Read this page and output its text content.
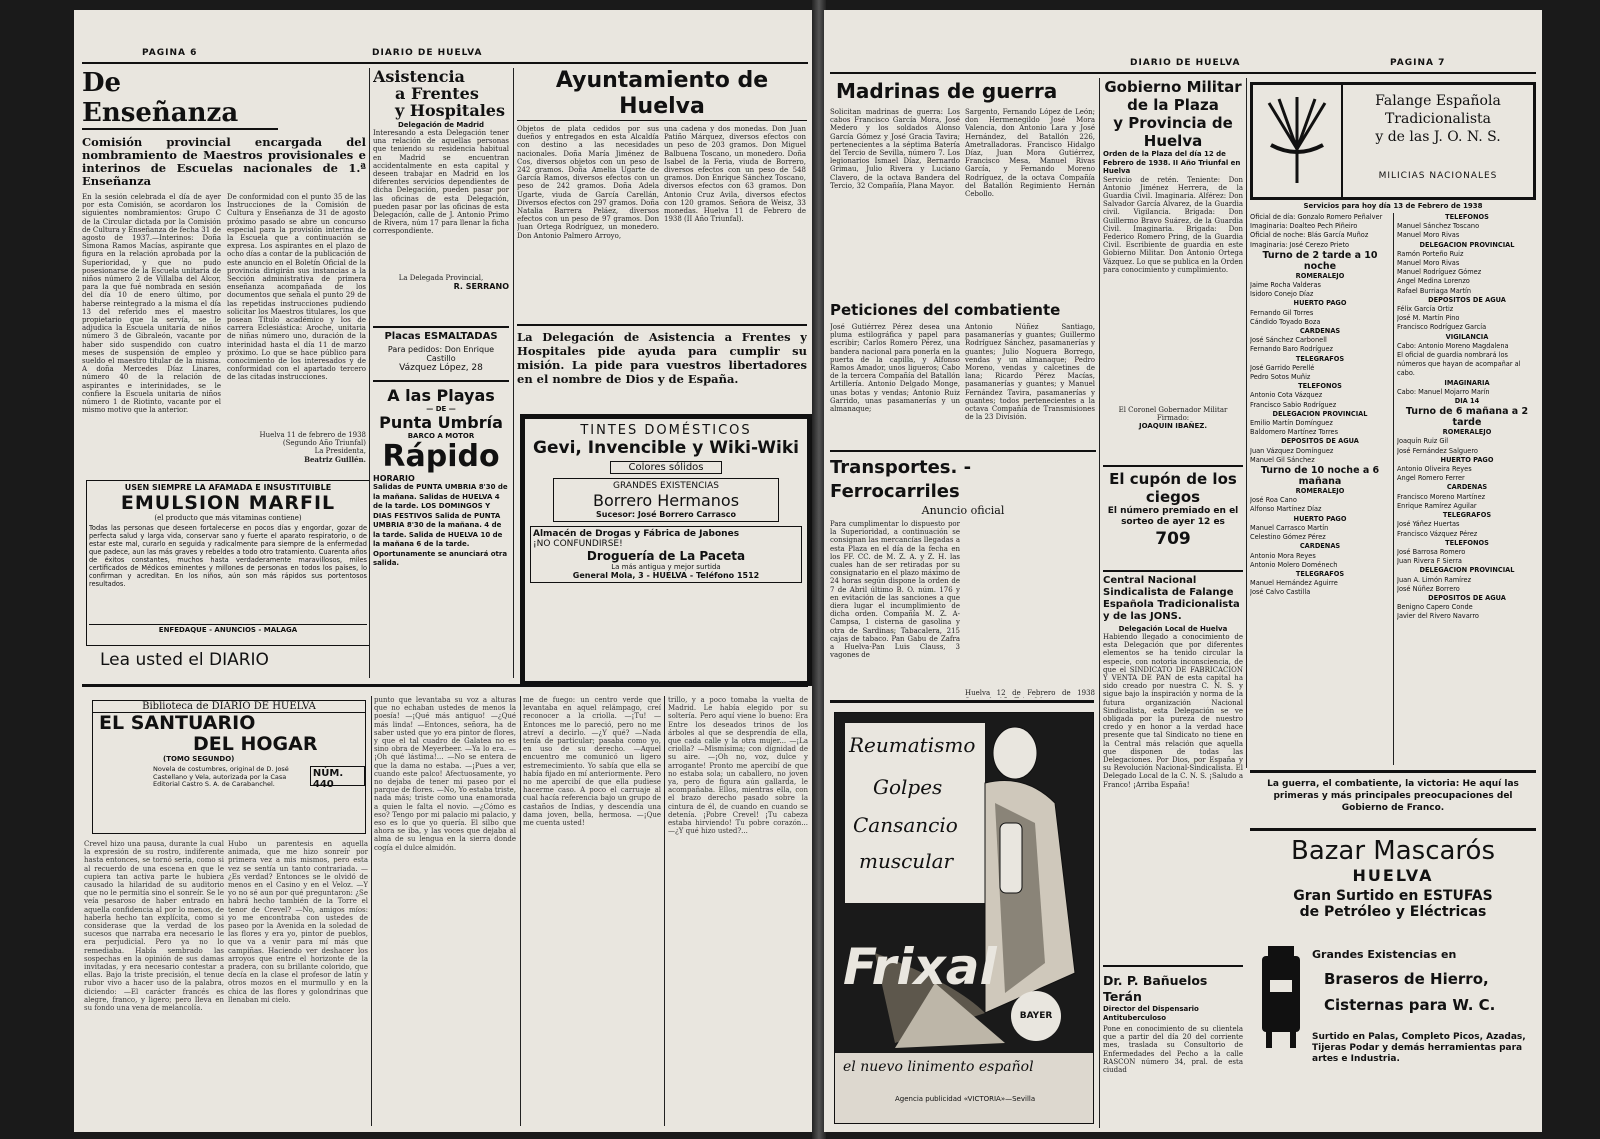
PAGINA 6	DIARIO DE HUELVA
De Enseñanza
Comisión provincial encargada del nombramiento de Maestros provisionales e interinos de Escuelas nacionales de 1.ª Enseñanza
En la sesión celebrada el día de ayer por esta Comisión, se acordaron los siguientes nombramientos: Grupo C de la Circular dictada por la Comisión de Cultura y Enseñanza de fecha 31 de agosto de 1937.—Interinos: Doña Simona Ramos Macías, aspirante que figura en la relación aprobada por la Superioridad, y que no pudo posesionarse de la Escuela unitaria de niños número 2 de Villalba del Alcor, para la que fué nombrada en sesión del día 10 de enero último, por haberse reintegrado a la misma el día 13 del referido mes el maestro propietario que la servía, se le adjudica la Escuela unitaria de niños número 3 de Gibraleón, vacante por haber sido suspendido con cuatro meses de suspensión de empleo y sueldo el maestro titular de la misma. A doña Mercedes Díaz Linares, número 40 de la relación de aspirantes e interinidades, se le confiere la Escuela unitaria de niños número 1 de Riotinto, vacante por el mismo motivo que la anterior.
De conformidad con el punto 35 de las Instrucciones de la Comisión de Cultura y Enseñanza de 31 de agosto próximo pasado se abre un concurso especial para la provisión interina de la Escuela que a continuación se expresa. Los aspirantes en el plazo de ocho días a contar de la publicación de este anuncio en el Boletín Oficial de la provincia dirigirán sus instancias a la Sección administrativa de primera enseñanza acompañada de los documentos que señala el punto 29 de las repetidas instrucciones pudiendo solicitar los Maestros titulares, los que posean Título académico y los de carrera Eclesiástica: Aroche, unitaria de niñas número uno, duración de la interinidad hasta el día 11 de marzo próximo. Lo que se hace público para conocimiento de los interesados y de conformidad con el apartado tercero de las citadas instrucciones.
Huelva 11 de febrero de 1938 (Segundo Año Triunfal)
La Presidenta,
Beatriz Guillén.
USEN SIEMPRE LA AFAMADA E INSUSTITUIBLE
EMULSION MARFIL
(el producto que más vitaminas contiene)
Todas las personas que deseen fortalecerse en pocos días y engordar, gozar de perfecta salud y larga vida, conservar sano y fuerte el aparato respiratorio, o de estar este mal, curarlo en seguida y radicalmente para siempre de la enfermedad que padece, aun las más graves y rebeldes a todo otro tratamiento. Cuarenta años de éxitos constantes, muchos hasta verdaderamente maravillosos, miles certificados de Médicos eminentes y millones de personas en todos los países, lo confirman y acreditan. En los niños, aún son más rápidos sus portentosos resultados.
ENFEDAQUE - ANUNCIOS - MALAGA
Lea usted el DIARIO
Asistencia
a Frentes
y Hospitales
Delegación de Madrid
Interesando a esta Delegación tener una relación de aquellas personas que teniendo su residencia habitual en Madrid se encuentran accidentalmente en esta capital y deseen trabajar en Madrid en los diferentes servicios dependientes de dicha Delegación, pueden pasar por las oficinas de esta Delegación, pueden pasar por las oficinas de esta Delegación, calle de J. Antonio Primo de Rivera, núm 17 para llenar la ficha correspondiente.
La Delegada Provincial,
R. SERRANO
Placas ESMALTADAS
Para pedidos: Don Enrique Castillo
Vázquez López, 28
A las Playas
— DE —
Punta Umbría
BARCO A MOTOR
Rápido
HORARIO
Salidas de PUNTA UMBRIA 8'30 de la mañana. Salidas de HUELVA 4 de la tarde. LOS DOMINGOS Y DIAS FESTIVOS Salida de PUNTA UMBRIA 8'30 de la mañana. 4 de la tarde. Salida de HUELVA 10 de la mañana 6 de la tarde. Oportunamente se anunciará otra salida.
Ayuntamiento de Huelva
Objetos de plata cedidos por sus dueños y entregados en esta Alcaldía con destino a las necesidades nacionales. Doña María Jiménez de Cos, diversos objetos con un peso de 242 gramos. Doña Amelia Ugarte de García Ramos, diversos efectos con un peso de 242 gramos. Doña Adela Ugarte, viuda de García Carellán, Diversos efectos con 297 gramos. Doña Natalia Barrera Peláez, diversos efectos con un peso de 97 gramos. Don Juan Ortega Rodríguez, un monedero. Don Antonio Palmero Arroyo,
una cadena y dos monedas. Don Juan Patiño Márquez, diversos efectos con un peso de 203 gramos. Don Miguel Balbuena Toscano, un monedero. Doña Isabel de la Feria, viuda de Borrero, diversos efectos con un peso de 548 gramos. Don Enrique Sánchez Toscano, diversos efectos con 63 gramos. Don Antonio Cruz Avila, diversos efectos con 120 gramos. Señora de Weisz, 33 monedas. Huelva 11 de Febrero de 1938 (II Año Triunfal).
La Delegación de Asistencia a Frentes y Hospitales pide ayuda para cumplir su misión. La pide para vuestros libertadores en el nombre de Dios y de España.
TINTES DOMÉSTICOS
Gevi, Invencible y Wiki-Wiki
Colores sólidos
GRANDES EXISTENCIAS
Borrero Hermanos
Sucesor: José Borrero Carrasco
Almacén de Drogas y Fábrica de Jabones
¡NO CONFUNDIRSE!
Droguería de La Paceta
La más antigua y mejor surtida
General Mola, 3 - HUELVA - Teléfono 1512
Biblioteca de DIARIO DE HUELVA
EL SANTUARIO
DEL HOGAR
(TOMO SEGUNDO)
Novela de costumbres, original de D. José Castellano y Vela, autorizada por la Casa Editorial Castro S. A. de Carabanchel.
NÚM. 440
Crevel hizo una pausa, durante la cual la expresión de su rostro, indiferente hasta entonces, se tornó seria, como si al recuerdo de una escena en que le cupiera tan activa parte le hubiera causado la hilaridad de su auditorio que no le permitía sino el sonreír. Se le veía pesaroso de haber entrado en aquella confidencia al por lo menos, de haberla hecho tan explícita, como si considerase que la verdad de los sucesos que narraba era necesario le era perjudicial. Pero ya no lo remediaba. Había sembrado las sospechas en la opinión de sus damas invitadas, y era necesario contestar a ellas. Bajo la triste precisión, el tenue rubor vivo a hacer uso de la palabra, diciendo: —El carácter francés es alegre, franco, y ligero; pero lleva en su fondo una vena de melancolía.
Hubo un parentesis en aquella animada, que me hizo sonreír por primera vez a mis mismos, pero esta vez se sentía un tanto contrariada. —¿Es verdad? Entonces se le olvidó de menos en el Casino y en el Veloz. —Y yo no sé aun por qué preguntaron: ¿Se habrá hecho también de la Torre el tenor de Crevel? —No, amigos míos: yo me encontraba con ustedes de paseo por la Avenida en la soledad de las flores y era yo, pintor de pueblos, que va a venir para mí más que campiñas. Haciendo ver deshacer los arroyos que entre el horizonte de la pradera, con su brillante colorido, que decía en la clase el profesor de latín y otros mozos en el murmullo y en la chica de las flores y golondrinas que llenaban mi cielo.
punto que levantaba su voz a alturas que no echaban ustedes de menos la poesía! —¡Qué más antiguo! —¿Qué más linda! —Entonces, señora, ha de saber usted que yo era pintor de flores, y que el tal cuadro de Galatea no es sino obra de Meyerbeer. —Ya lo era. —¡Oh qué lástima!... —No se entera de que la dama no estaba. —¡Pues a ver, cuando este palco! Afectuosamente, yo no dejaba de tener mi paseo por el parque de flores. —No, Yo estaba triste, nada más; triste como una enamorada a quien le falta el novio. —¿Cómo es eso? Tengo por mi palacio mi palacio, y eso es lo que yo quería. El silbo que ahora se iba, y las voces que dejaba al alma de su lengua en la sierra donde cogía el dulce almidón.
me de fuego: un centro verde que levantaba en aquel relámpago, creí reconocer a la criolla. —¡Tu! —Entonces me lo pareció, pero no me atreví a decirlo. —¿Y qué? —Nada tenía de particular; pasaba como yo, en uso de su derecho. —Aquel encuentro me comunicó un ligero estremecimiento. Yo sabía que ella se había fijado en mí anteriormente. Pero no me apercibí de que ella pudiese hacerme caso. A poco el carruaje al cual hacía referencia bajo un grupo de castaños de Indias, y descendía una dama joven, bella, hermosa. —¡Que me cuenta usted!
trillo, y a poco tomaba la vuelta de Madrid. Le había elegido por su soltería. Pero aquí viene lo bueno: Era Entre los deseados trinos de los árboles al que se desprendía de ella, que cada calle y la otra mujer... —¡La criolla? —Mismísima; con dignidad de su aire. —¡Oh no, voz, dulce y arrogante! Pronto me apercibí de que no estaba sola; un caballero, no joven ya, pero de figura aún gallarda, le acompañaba. Ellos, mientras ella, con el brazo derecho pasado sobre la cintura de él, de cuando en cuando se detenía. ¡Pobre Crevel! ¡Tu cabeza estaba hirviendo! Tu pobre corazón... —¿Y qué hizo usted?...
DIARIO DE HUELVA	PAGINA 7
Madrinas de guerra
Solicitan madrinas de guerra: Los cabos Francisco García Mora, José Medero y los soldados Alonso García Gómez y José Gracia Tavira; pertenecientes a la séptima Batería del Tercio de Sevilla, número 7. Los legionarios Ismael Díaz, Bernardo Grimau, Julio Rivera y Luciano Clavero, de la octava Bandera del Tercio, 32 Compañía, Plana Mayor.
Sargento, Fernando López de León; don Hermenegildo José Mora Valencia, don Antonio Lara y José Hernández, del Batallón 226, Ametralladoras. Francisco Hidalgo Díaz, Juan Mora Gutiérrez, Francisco Mesa, Manuel Rivas García, y Fernando Moreno Rodríguez, de la octava Compañía del Batallón Regimiento Hernán Cebollo.
Peticiones del combatiente
José Gutiérrez Pérez desea una pluma estilográfica y papel para escribir; Carlos Romero Pérez, una bandera nacional para ponerla en la puerta de la capilla, y Alfonso Ramos Amador, unos ligueros; Cabo de la tercera Compañía del Batallón Artillería. Antonio Delgado Monge, unas botas y vendas; Antonio Ruiz Garrido, unas pasamanerías y un almanaque;
Antonio Núñez Santiago, pasamanerías y guantes; Guillermo Rodríguez Sánchez, pasamanerías y guantes; Julio Noguera Borrego, vendas y un almanaque; Pedro Moreno, vendas y calcetines de lana; Ricardo Pérez Macías, pasamanerías y guantes; y Manuel Fernández Tavira, pasamanerías y guantes; todos pertenecientes a la octava Compañía de Transmisiones de la 23 División.
Transportes. - Ferrocarriles
Anuncio oficial
Para cumplimentar lo dispuesto por la Superioridad, a continuación se consignan las mercancías llegadas a esta Plaza en el día de la fecha en los FF. CC. de M. Z. A. y Z. H. las cuales han de ser retiradas por su consignatario en el plazo máximo de 24 horas según dispone la orden de 7 de Abril último B. O. núm. 176 y en evitación de las sanciones a que diera lugar el incumplimiento de dicha orden. Compañía M. Z. A-Campsa, 1 cisterna de gasolina y otra de Sardinas; Tabacalera, 215 cajas de tabaco. Pan Gabu de Zafra a Huelva-Pan Luis Clauss, 3 vagones de
Huelva 12 de Febrero de 1938
Reumatismo
Golpes
Cansancio
muscular
Frixal
BAYER
el nuevo linimento español
Agencia publicidad «VICTORIA»—Sevilla
Gobierno Militar
de la Plaza
y Provincia de
Huelva
Orden de la Plaza del día 12 de Febrero de 1938. II Año Triunfal en Huelva
Servicio de retén. Teniente: Don Antonio Jiménez Herrera, de la Guardia Civil. Imaginaria. Alférez: Don Salvador García Alvarez, de la Guardia civil. Vigilancia. Brigada: Don Guillermo Bravo Suárez, de la Guardia Civil. Imaginaria. Brigada: Don Federico Romero Pring, de la Guardia Civil. Escribiente de guardia en este Gobierno Militar. Don Antonio Ortega Vázquez. Lo que se publica en la Orden para conocimiento y cumplimiento.
El Coronel Gobernador Militar Firmado:
JOAQUIN IBAÑEZ.
El cupón de los ciegos
El número premiado en el sorteo de ayer 12 es
709
Central Nacional Sindicalista de Falange Española Tradicionalista y de las JONS.
Delegación Local de Huelva
Habiendo llegado a conocimiento de esta Delegación que por diferentes elementos se ha tenido circular la especie, con notoria inconsciencia, de que el SINDICATO DE FABRICACION Y VENTA DE PAN de esta capital ha sido creado por nuestra C. N. S. y sigue bajo la inspiración y norma de la futura organización Nacional Sindicalista, esta Delegación se ve obligada por la pureza de nuestro credo y en honor a la verdad hace presente que tal Sindicato no tiene en la Central más relación que aquella que disponen de todas las Delegaciones. Por Dios, por España y su Revolución Nacional-Sindicalista. El Delegado Local de la C. N. S. ¡Saludo a Franco! ¡Arriba España!
Dr. P. Bañuelos Terán
Director del Dispensario Antituberculoso
Pone en conocimiento de su clientela que a partir del día 20 del corriente mes, traslada su Consultorio de Enfermedades del Pecho a la calle RASCON número 34, pral. de esta ciudad
Falange Española
Tradicionalista
y de las J. O. N. S.
MILICIAS NACIONALES
Servicios para hoy día 13 de Febrero de 1938
Oficial de día: Gonzalo Romero Peñalver
Imaginaria: Doalteo Pech Piñeiro
Oficial de noche: Blás García Muñoz
Imaginaria: José Cerezo Prieto
Turno de 2 tarde a 10 noche
ROMERALEJO
Jaime Rocha Valderas
Isidoro Conejo Díaz
HUERTO PAGO
Fernando Gil Torres
Cándido Toyado Boza
CARDENAS
José Sánchez Carbonell
Fernando Baro Rodríguez
TELEGRAFOS
José Garrido Perellé
Pedro Sotos Muñiz
TELEFONOS
Antonio Cota Vázquez
Francisco Sabio Rodríguez
DELEGACION PROVINCIAL
Emilio Martín Domínguez
Baldomero Martínez Torres
DEPOSITOS DE AGUA
Juan Vázquez Domínguez
Manuel Gil Sánchez
Turno de 10 noche a 6 mañana
ROMERALEJO
José Roa Cano
Alfonso Martínez Díaz
HUERTO PAGO
Manuel Carrasco Martín
Celestino Gómez Pérez
CARDENAS
Antonio Mora Reyes
Antonio Molero Doménech
TELEGRAFOS
Manuel Hernández Aguirre
José Calvo Castilla
TELEFONOS
Manuel Sánchez Toscano
Manuel Moro Rivas
DELEGACION PROVINCIAL
Ramón Porteño Ruiz
Manuel Moro Rivas
Manuel Rodríguez Gómez
Angel Medina Lorenzo
Rafael Burriaga Martín
DEPOSITOS DE AGUA
Félix García Ortiz
José M. Martín Pino
Francisco Rodríguez García
VIGILANCIA
Cabo: Antonio Moreno Magdalena
El oficial de guardia nombrará los números que hayan de acompañar al cabo.
IMAGINARIA
Cabo: Manuel Mojarro Marín
DIA 14
Turno de 6 mañana a 2 tarde
ROMERALEJO
Joaquín Ruiz Gil
José Fernández Salguero
HUERTO PAGO
Antonio Oliveira Reyes
Angel Romero Ferrer
CARDENAS
Francisco Moreno Martínez
Enrique Ramírez Aguilar
TELEGRAFOS
José Yáñez Huertas
Francisco Vázquez Pérez
TELEFONOS
José Barrosa Romero
Juan Rivera F Sierra
DELEGACION PROVINCIAL
Juan A. Limón Ramírez
José Núñez Borrero
DEPOSITOS DE AGUA
Benigno Capero Conde
Javier del Rivero Navarro
La guerra, el combatiente, la victoria: He aquí las primeras y más principales preocupaciones del Gobierno de Franco.
Bazar Mascarós
HUELVA
Gran Surtido en ESTUFAS
de Petróleo y Eléctricas
Grandes Existencias en
Braseros de Hierro,
Cisternas para W. C.
Surtido en Palas, Completo Picos, Azadas, Tijeras Podar y demás herramientas para artes e Industria.
